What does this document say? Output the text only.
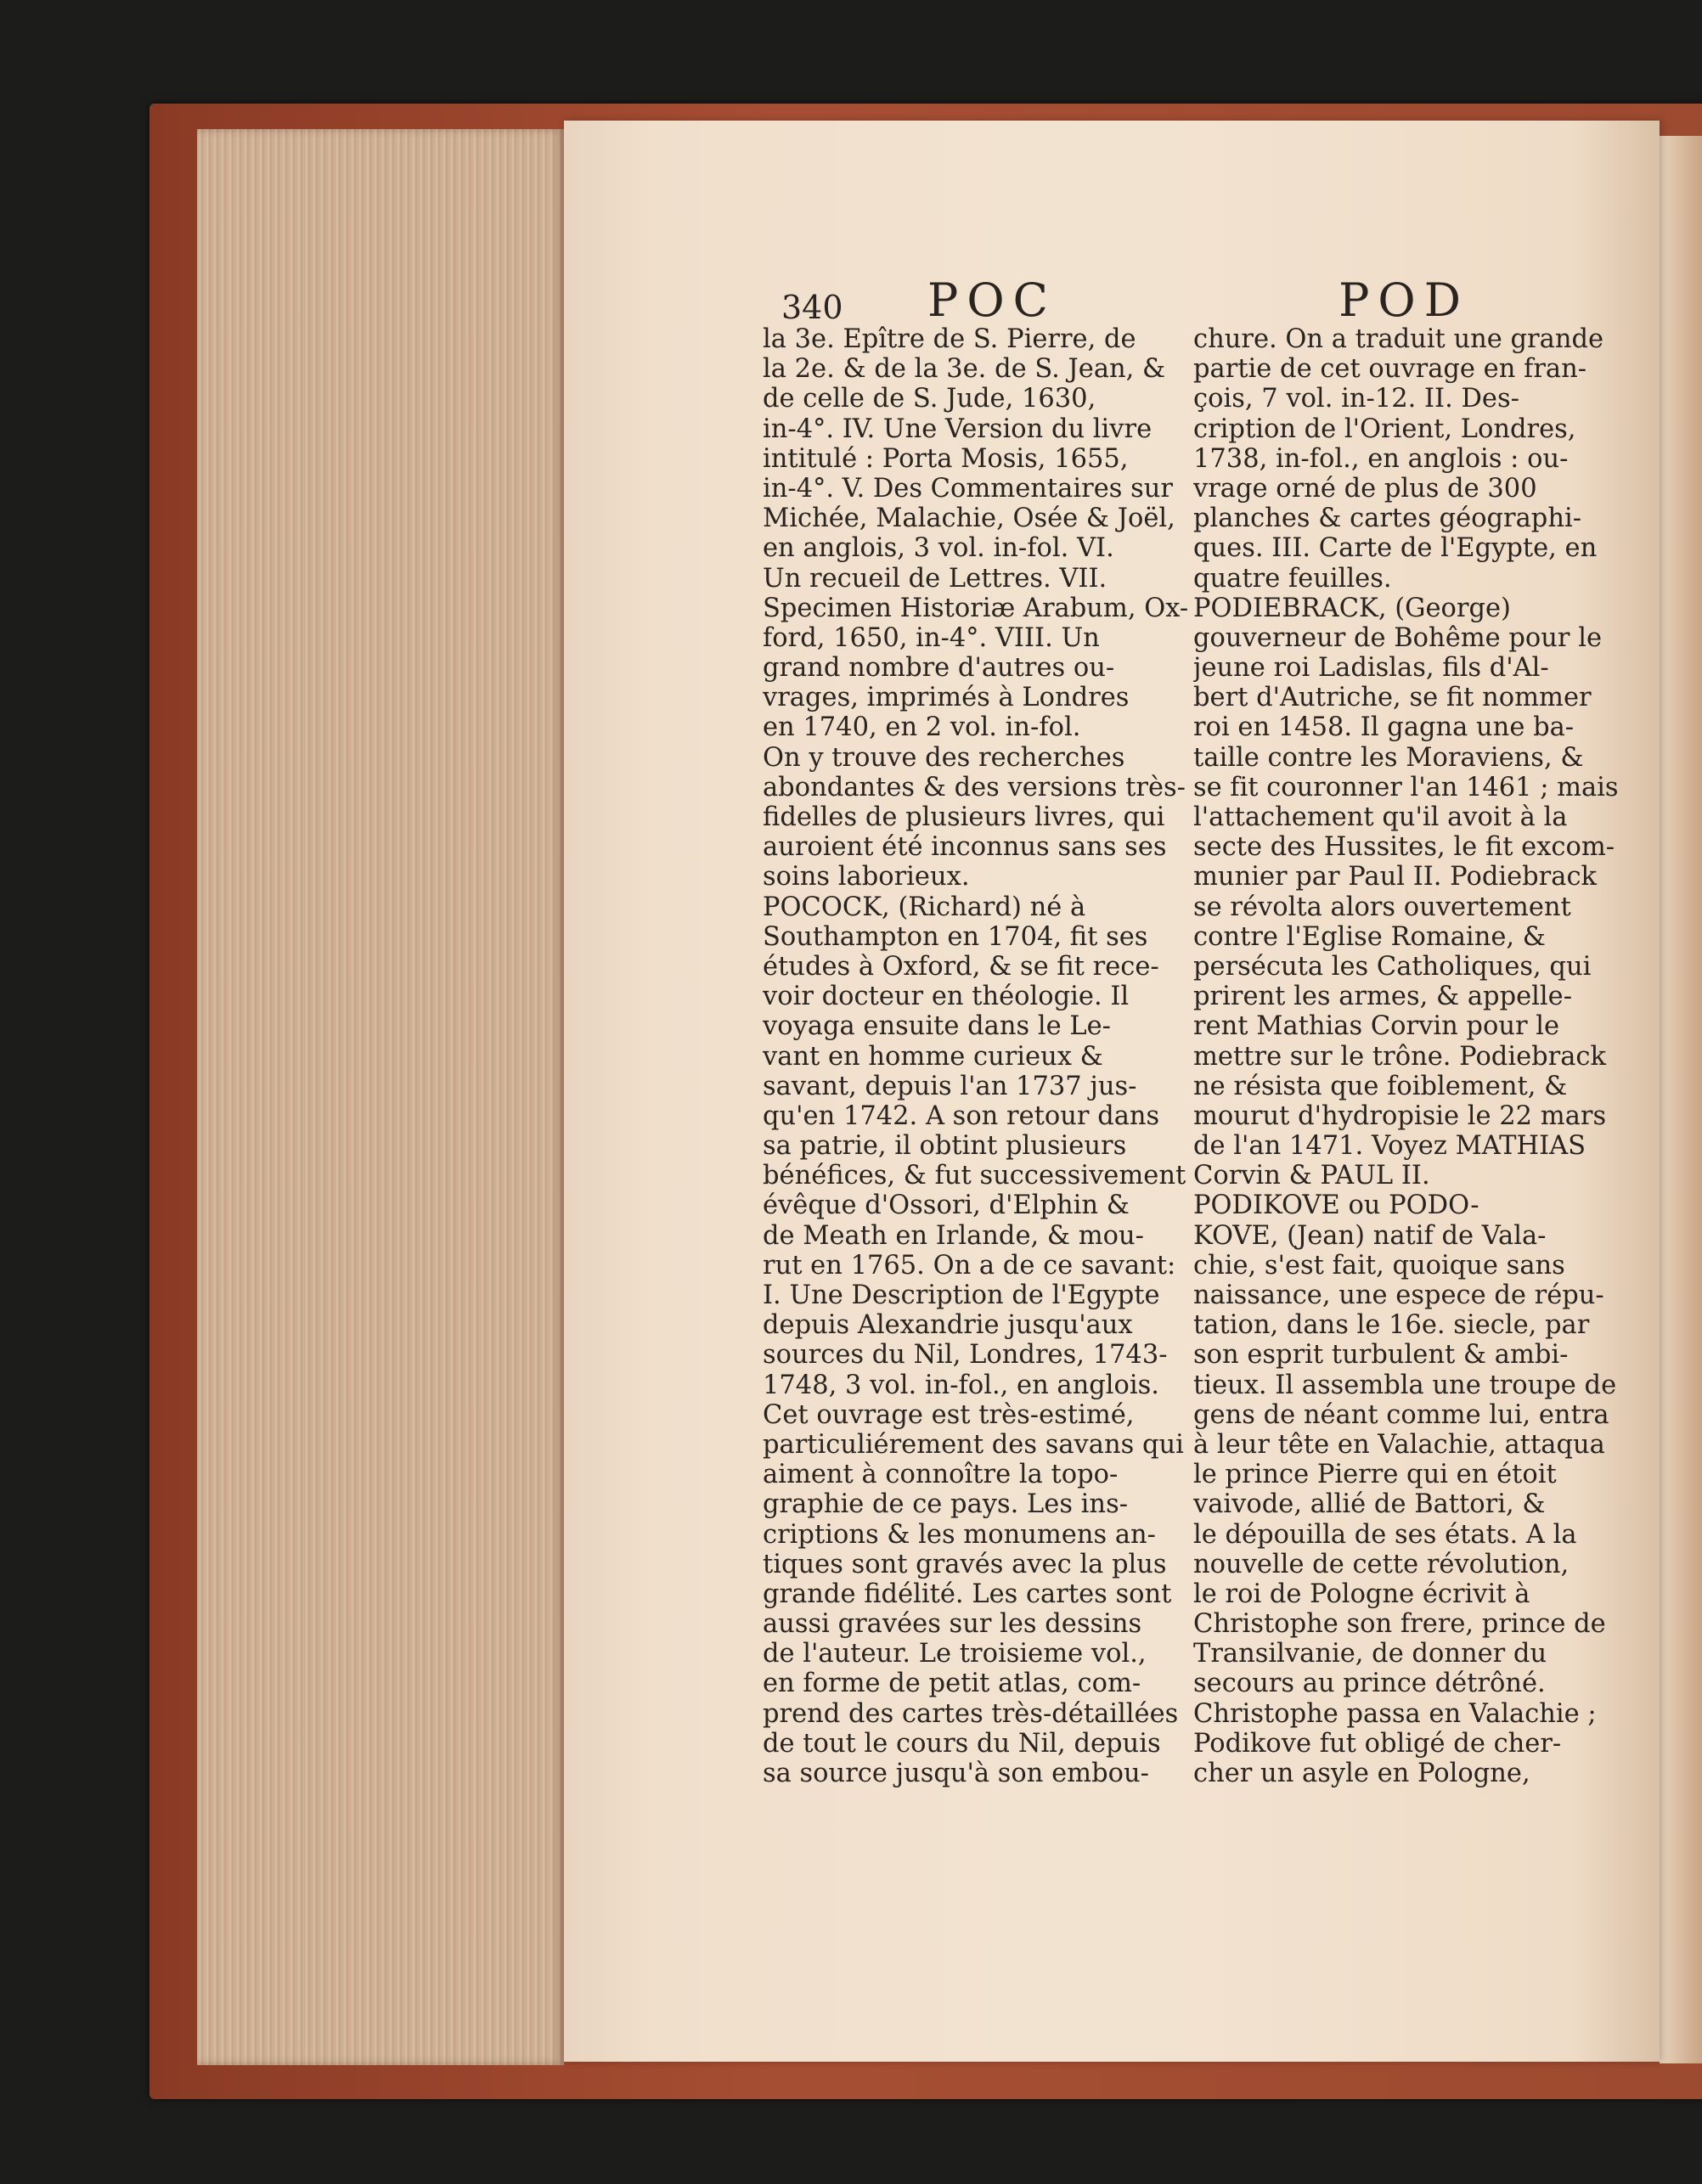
340 POC	POD
la 3e. Epître de S. Pierre, de
la 2e. & de la 3e. de S. Jean, &
de celle de S. Jude, 1630,
in-4°. IV. Une Version du livre
intitulé : Porta Mosis, 1655,
in-4°. V. Des Commentaires sur
Michée, Malachie, Osée & Joël,
en anglois, 3 vol. in-fol. VI.
Un recueil de Lettres. VII.
Specimen Historiæ Arabum, Ox-
ford, 1650, in-4°. VIII. Un
grand nombre d'autres ou-
vrages, imprimés à Londres
en 1740, en 2 vol. in-fol.
On y trouve des recherches
abondantes & des versions très-
fidelles de plusieurs livres, qui
auroient été inconnus sans ses
soins laborieux.
POCOCK, (Richard) né à
Southampton en 1704, fit ses
études à Oxford, & se fit rece-
voir docteur en théologie. Il
voyaga ensuite dans le Le-
vant en homme curieux &
savant, depuis l'an 1737 jus-
qu'en 1742. A son retour dans
sa patrie, il obtint plusieurs
bénéfices, & fut successivement
évêque d'Ossori, d'Elphin &
de Meath en Irlande, & mou-
rut en 1765. On a de ce savant:
I. Une Description de l'Egypte
depuis Alexandrie jusqu'aux
sources du Nil, Londres, 1743-
1748, 3 vol. in-fol., en anglois.
Cet ouvrage est très-estimé,
particuliérement des savans qui
aiment à connoître la topo-
graphie de ce pays. Les ins-
criptions & les monumens an-
tiques sont gravés avec la plus
grande fidélité. Les cartes sont
aussi gravées sur les dessins
de l'auteur. Le troisieme vol.,
en forme de petit atlas, com-
prend des cartes très-détaillées
de tout le cours du Nil, depuis
sa source jusqu'à son embou-
chure. On a traduit une grande
partie de cet ouvrage en fran-
çois, 7 vol. in-12. II. Des-
cription de l'Orient, Londres,
1738, in-fol., en anglois : ou-
vrage orné de plus de 300
planches & cartes géographi-
ques. III. Carte de l'Egypte, en
quatre feuilles.
PODIEBRACK, (George)
gouverneur de Bohême pour le
jeune roi Ladislas, fils d'Al-
bert d'Autriche, se fit nommer
roi en 1458. Il gagna une ba-
taille contre les Moraviens, &
se fit couronner l'an 1461 ; mais
l'attachement qu'il avoit à la
secte des Hussites, le fit excom-
munier par Paul II. Podiebrack
se révolta alors ouvertement
contre l'Eglise Romaine, &
persécuta les Catholiques, qui
prirent les armes, & appelle-
rent Mathias Corvin pour le
mettre sur le trône. Podiebrack
ne résista que foiblement, &
mourut d'hydropisie le 22 mars
de l'an 1471. Voyez MATHIAS
Corvin & PAUL II.
PODIKOVE ou PODO-
KOVE, (Jean) natif de Vala-
chie, s'est fait, quoique sans
naissance, une espece de répu-
tation, dans le 16e. siecle, par
son esprit turbulent & ambi-
tieux. Il assembla une troupe de
gens de néant comme lui, entra
à leur tête en Valachie, attaqua
le prince Pierre qui en étoit
vaivode, allié de Battori, &
le dépouilla de ses états. A la
nouvelle de cette révolution,
le roi de Pologne écrivit à
Christophe son frere, prince de
Transilvanie, de donner du
secours au prince détrôné.
Christophe passa en Valachie ;
Podikove fut obligé de cher-
cher un asyle en Pologne,
